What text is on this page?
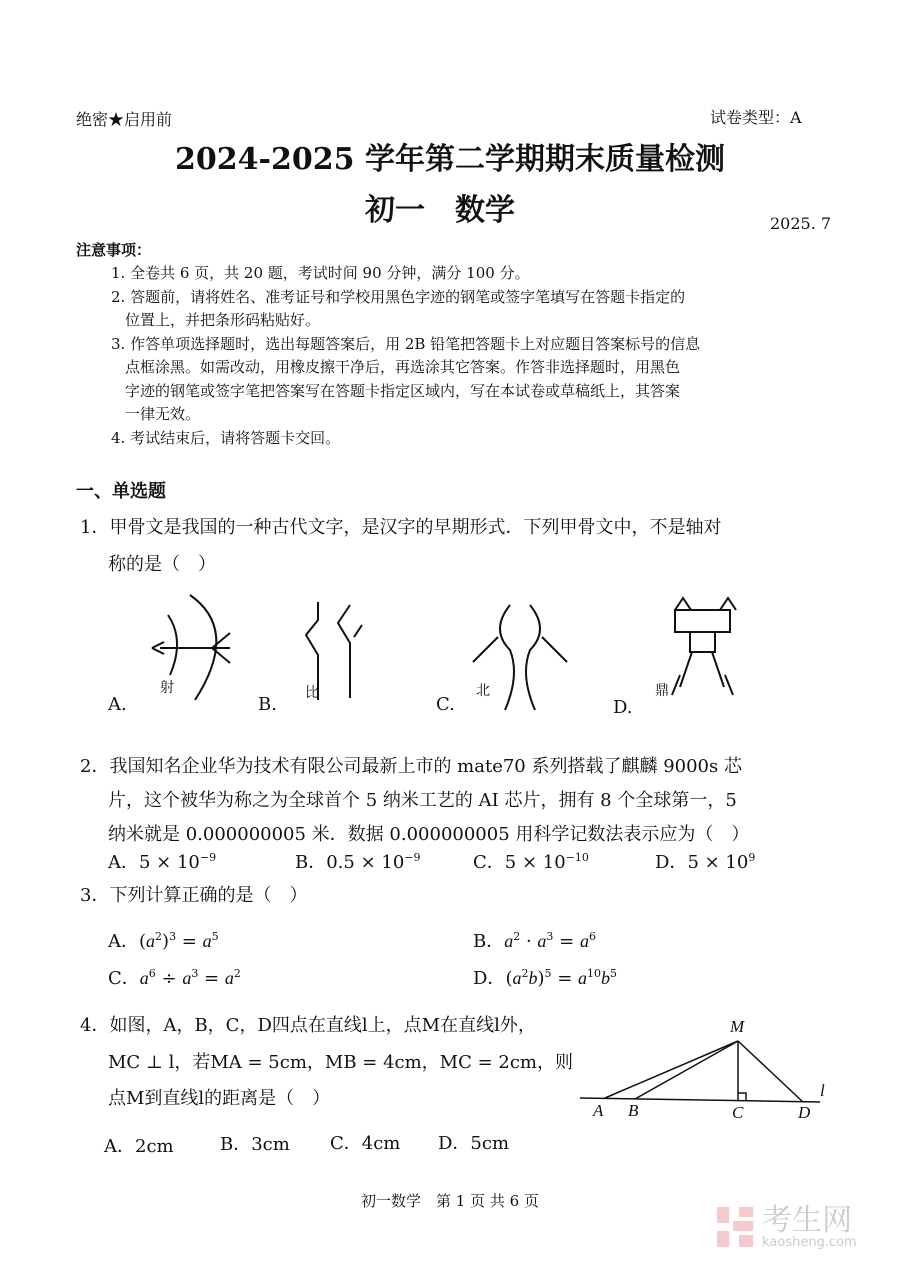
绝密★启用前	试卷类型：A
2024-2025 学年第二学期期末质量检测
初一　数学	2025. 7
注意事项：
1. 全卷共 6 页，共 20 题，考试时间 90 分钟，满分 100 分。
2. 答题前，请将姓名、准考证号和学校用黑色字迹的钢笔或签字笔填写在答题卡指定的
位置上，并把条形码粘贴好。
3. 作答单项选择题时，选出每题答案后，用 2B 铅笔把答题卡上对应题目答案标号的信息
点框涂黑。如需改动，用橡皮擦干净后，再选涂其它答案。作答非选择题时，用黑色
字迹的钢笔或签字笔把答案写在答题卡指定区域内，写在本试卷或草稿纸上，其答案
一律无效。
4. 考试结束后，请将答题卡交回。
一、单选题
1．甲骨文是我国的一种古代文字，是汉字的早期形式．下列甲骨文中，不是轴对
称的是（　）
A.
射
B.
比
C.
北
D.
鼎
2．我国知名企业华为技术有限公司最新上市的 mate70 系列搭载了麒麟 9000s 芯
片，这个被华为称之为全球首个 5 纳米工艺的 AI 芯片，拥有 8 个全球第一，5
纳米就是 0.000000005 米．数据 0.000000005 用科学记数法表示应为（　）
A．$5 \times 10^{-9}$	B．$0.5 \times 10^{-9}$	C．$5 \times 10^{-10}$	D．$5 \times 10^9$
3．下列计算正确的是（　）
A．$(a^2)^3 = a^5$	B．$a^2 \cdot a^3 = a^6$
C．$a^6 \div a^3 = a^2$	D．$(a^2b)^5 = a^{10}b^5$
4．如图，A，B，C，D四点在直线l上，点M在直线l外，
MC ⊥ l，若MA = 5cm，MB = 4cm，MC = 2cm，则
点M到直线l的距离是（　）
M
A B	C	D
l
A．2cm	B．3cm C．4cm D．5cm
初一数学　第 1 页 共 6 页

考生网
kaosheng.com
